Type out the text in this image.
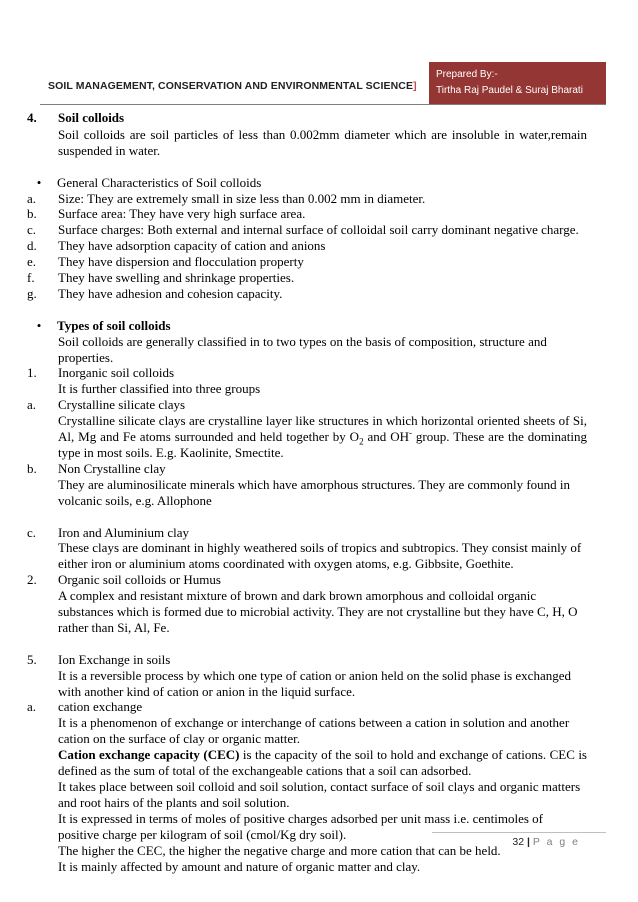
SOIL MANAGEMENT, CONSERVATION AND ENVIRONMENTAL SCIENCE]
Prepared By:-
Tirtha Raj Paudel & Suraj Bharati
4.	Soil colloids
Soil colloids are soil particles of less than 0.002mm diameter which are insoluble in water,remain suspended in water.
•	General Characteristics of Soil colloids
a.	Size: They are extremely small in size less than 0.002 mm in diameter.
b.	Surface area: They have very high surface area.
c.	Surface charges: Both external and internal surface of colloidal soil carry dominant negative charge.
d.	They have adsorption capacity of cation and anions
e.	They have dispersion and flocculation property
f.	They have swelling and shrinkage properties.
g.	They have adhesion and cohesion capacity.
•	Types of soil colloids
Soil colloids are generally classified in to two types on the basis of composition, structure and properties.
1.	Inorganic soil colloids
It is further classified into three groups
a.	Crystalline silicate clays
Crystalline silicate clays are crystalline layer like structures in which horizontal oriented sheets of Si, Al, Mg and Fe atoms surrounded and held together by $O_2$ and OH- group. These are the dominating type in most soils. E.g. Kaolinite, Smectite.
b.	Non Crystalline clay
They are aluminosilicate minerals which have amorphous structures. They are commonly found in volcanic soils, e.g. Allophone
c.	Iron and Aluminium clay
These clays are dominant in highly weathered soils of tropics and subtropics. They consist mainly of either iron or aluminium atoms coordinated with oxygen atoms, e.g. Gibbsite, Goethite.
2.	Organic soil colloids or Humus
A complex and resistant mixture of brown and dark brown amorphous and colloidal organic substances which is formed due to microbial activity. They are not crystalline but they have C, H, O rather than Si, Al, Fe.
5.	Ion Exchange in soils
It is a reversible process by which one type of cation or anion held on the solid phase is exchanged with another kind of cation or anion in the liquid surface.
a.	cation exchange
It is a phenomenon of exchange or interchange of cations between a cation in solution and another cation on the surface of clay or organic matter.
Cation exchange capacity (CEC) is the capacity of the soil to hold and exchange of cations. CEC is defined as the sum of total of the exchangeable cations that a soil can adsorbed.
It takes place between soil colloid and soil solution, contact surface of soil clays and organic matters and root hairs of the plants and soil solution.
It is expressed in terms of moles of positive charges adsorbed per unit mass i.e. centimoles of positive charge per kilogram of soil (cmol/Kg dry soil).
The higher the CEC, the higher the negative charge and more cation that can be held.
It is mainly affected by amount and nature of organic matter and clay.
32 | P a g e
